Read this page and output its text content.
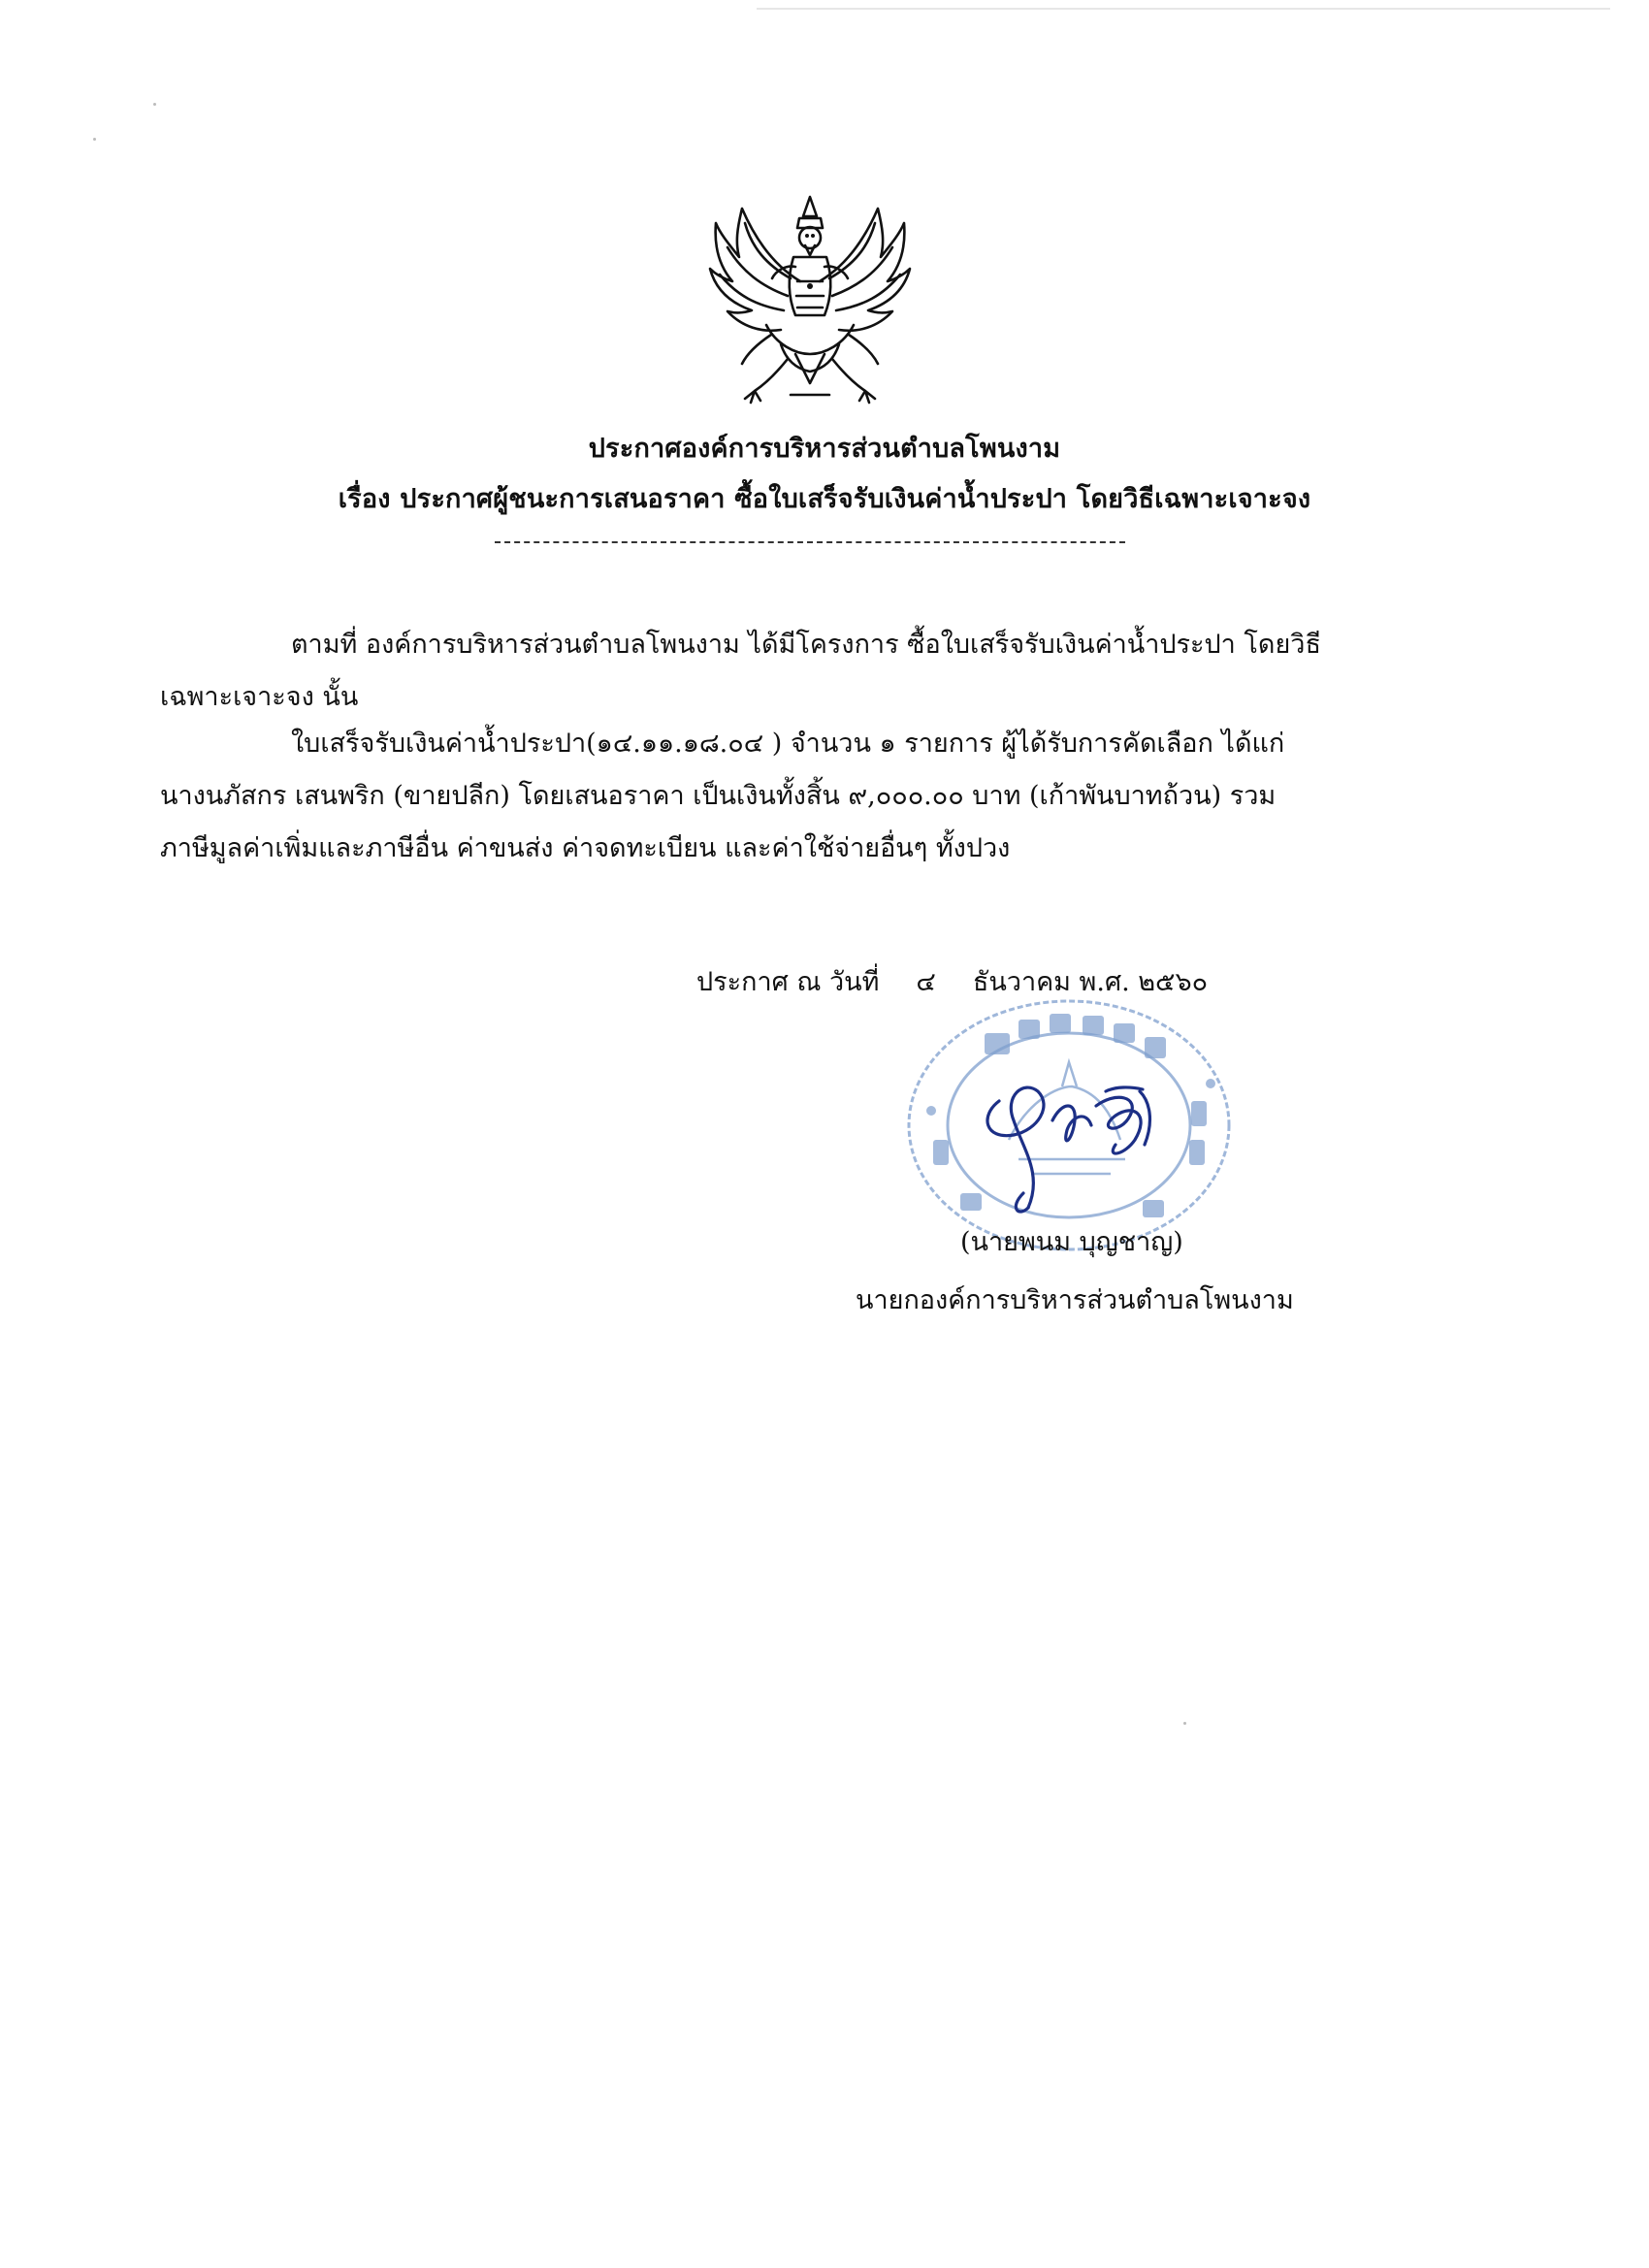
ประกาศองค์การบริหารส่วนตำบลโพนงาม
เรื่อง ประกาศผู้ชนะการเสนอราคา ซื้อใบเสร็จรับเงินค่าน้ำประปา โดยวิธีเฉพาะเจาะจง
ตามที่ องค์การบริหารส่วนตำบลโพนงาม ได้มีโครงการ ซื้อใบเสร็จรับเงินค่าน้ำประปา โดยวิธี
เฉพาะเจาะจง นั้น
ใบเสร็จรับเงินค่าน้ำประปา(๑๔.๑๑.๑๘.๐๔ ) จำนวน ๑ รายการ ผู้ได้รับการคัดเลือก ได้แก่
นางนภัสกร เสนพริก (ขายปลีก) โดยเสนอราคา เป็นเงินทั้งสิ้น ๙,๐๐๐.๐๐ บาท (เก้าพันบาทถ้วน) รวม
ภาษีมูลค่าเพิ่มและภาษีอื่น ค่าขนส่ง ค่าจดทะเบียน และค่าใช้จ่ายอื่นๆ ทั้งปวง
ประกาศ ณ วันที่ ๔ ธันวาคม พ.ศ. ๒๕๖๐
(นายพนม บุญชาญ)
นายกองค์การบริหารส่วนตำบลโพนงาม
